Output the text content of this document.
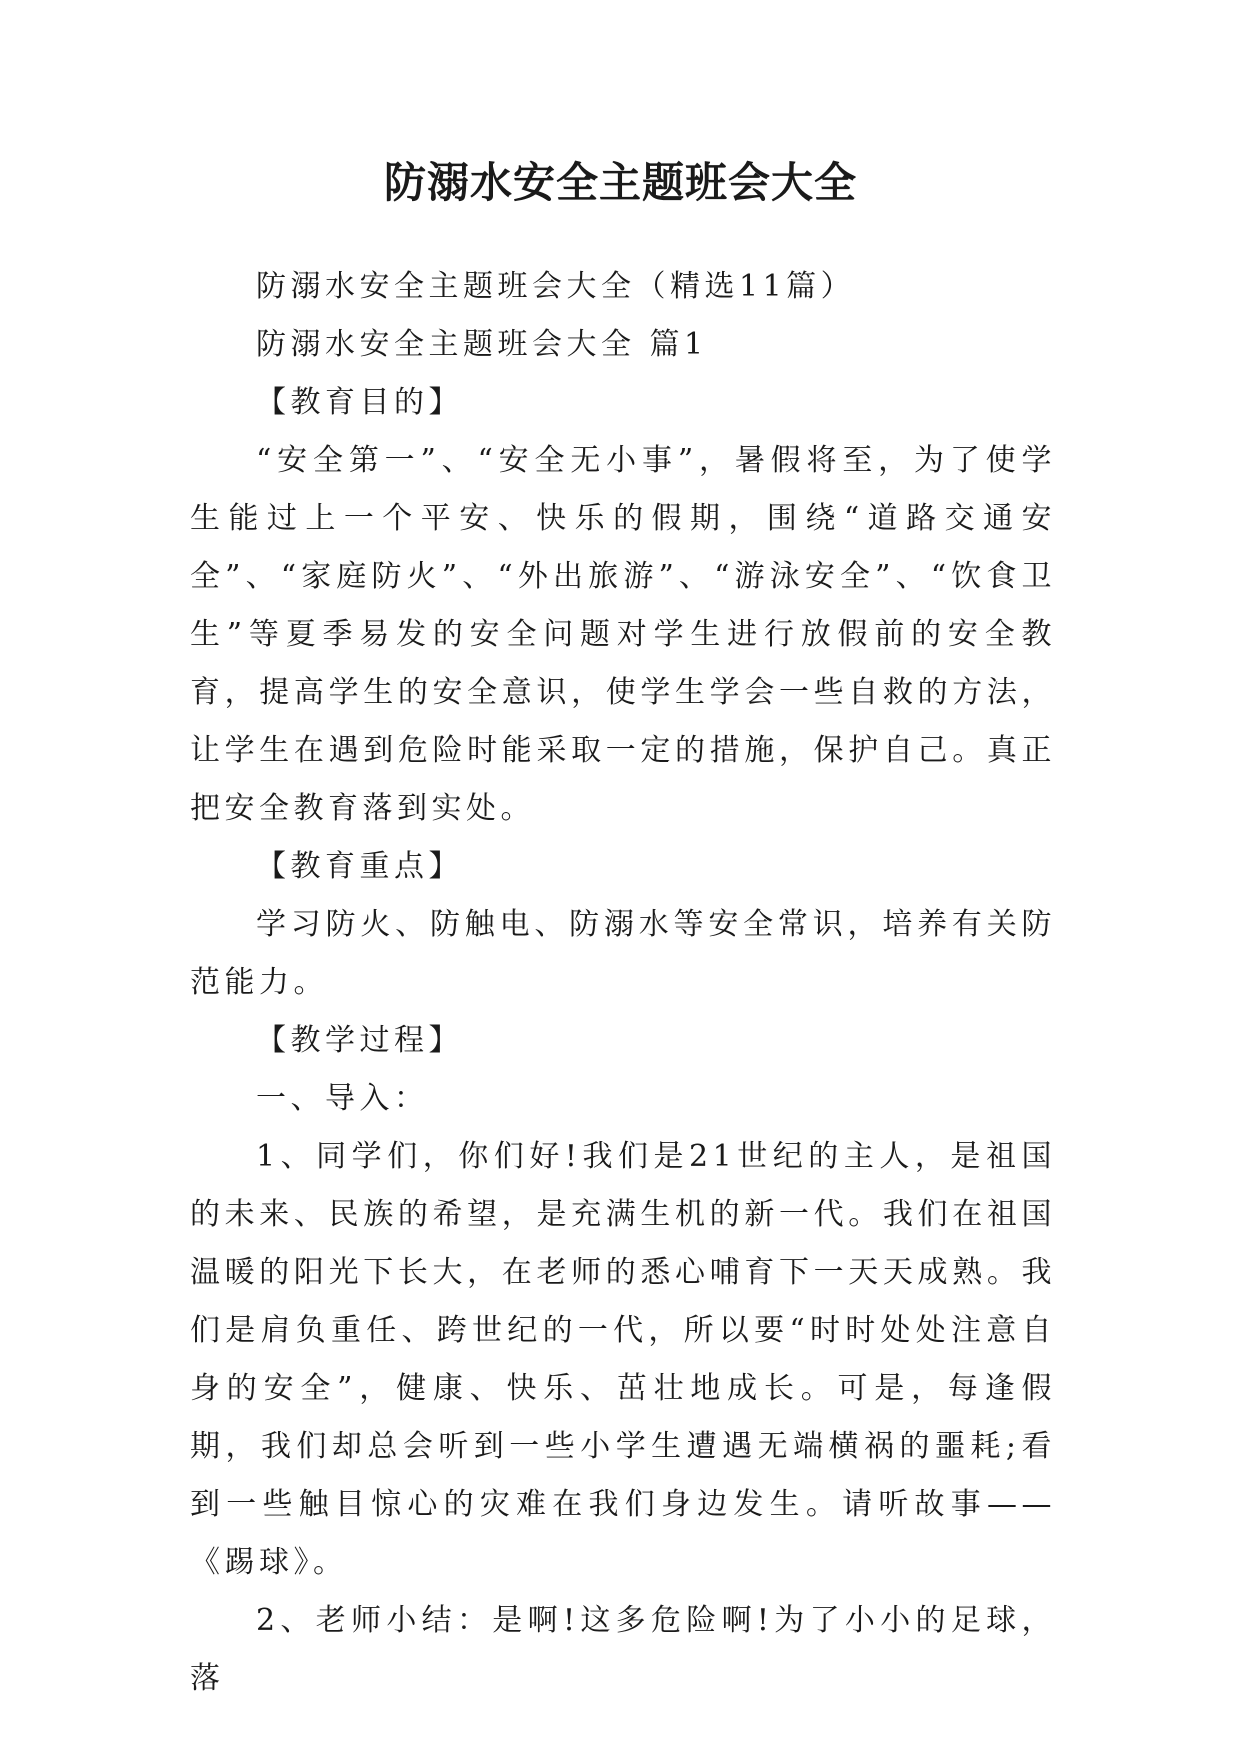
防溺水安全主题班会大全

防溺水安全主题班会大全（精选11篇）

防溺水安全主题班会大全 篇1

【教育目的】

“安全第一”、“安全无小事”，暑假将至，为了使学生能过上一个平安、快乐的假期，围绕“道路交通安全”、“家庭防火”、“外出旅游”、“游泳安全”、“饮食卫生”等夏季易发的安全问题对学生进行放假前的安全教育，提高学生的安全意识，使学生学会一些自救的方法，让学生在遇到危险时能采取一定的措施，保护自己。真正把安全教育落到实处。

【教育重点】

学习防火、防触电、防溺水等安全常识，培养有关防范能力。

【教学过程】

一、导入：

1、同学们，你们好!我们是21世纪的主人，是祖国的未来、民族的希望，是充满生机的新一代。我们在祖国温暖的阳光下长大，在老师的悉心哺育下一天天成熟。我们是肩负重任、跨世纪的一代，所以要“时时处处注意自身的安全”，健康、快乐、茁壮地成长。可是，每逢假期，我们却总会听到一些小学生遭遇无端横祸的噩耗;看到一些触目惊心的灾难在我们身边发生。请听故事——《踢球》。

2、老师小结：是啊!这多危险啊!为了小小的足球，落
